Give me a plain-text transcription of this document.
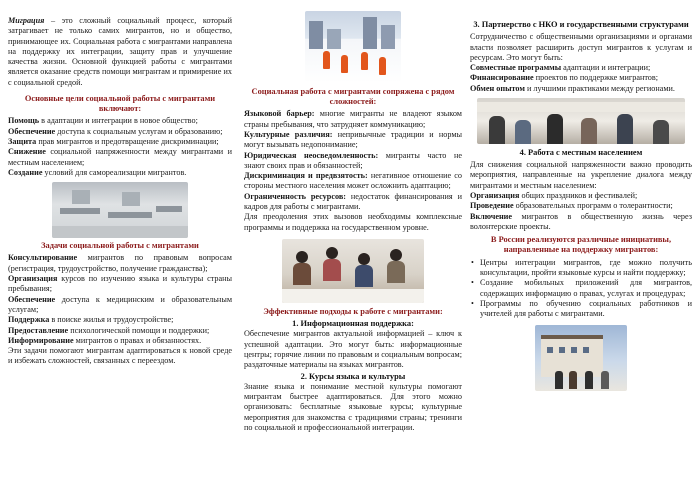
Миграция – это сложный социальный процесс, который затрагивает не только самих мигрантов, но и общество, принимающее их. Социальная работа с мигрантами направлена на поддержку их интеграции, защиту прав и улучшение качества жизни. Основной функцией работы с мигрантами является оказание средств помощи мигрантам и примирение их с социальной средой.

Основные цели социальной работы с мигрантами включают:

Помощь в адаптации и интеграции в новое общество;

Обеспечение доступа к социальным услугам и образованию;

Защита прав мигрантов и предотвращение дискриминации;

Снижение социальной напряженности между мигрантами и местным населением;

Создание условий для самореализации мигрантов.

Задачи социальной работы с мигрантами

Консультирование мигрантов по правовым вопросам (регистрация, трудоустройство, получение гражданства);

Организация курсов по изучению языка и культуры страны пребывания;

Обеспечение доступа к медицинским и образовательным услугам;

Поддержка в поиске жилья и трудоустройстве;

Предоставление психологической помощи и поддержки;

Информирование мигрантов о правах и обязанностях.

Эти задачи помогают мигрантам адаптироваться к новой среде и избежать сложностей, связанных с переездом.

Социальная работа с мигрантами сопряжена с рядом сложностей:

Языковой барьер: многие мигранты не владеют языком страны пребывания, что затрудняет коммуникацию;

Культурные различия: непривычные традиции и нормы могут вызывать недопонимание;

Юридическая неосведомленность: мигранты часто не знают своих прав и обязанностей;

Дискриминация и предвзятость: негативное отношение со стороны местного населения может осложнить адаптацию;

Ограниченность ресурсов: недостаток финансирования и кадров для работы с мигрантами.

Для преодоления этих вызовов необходимы комплексные программы и поддержка на государственном уровне.

Эффективные подходы к работе с мигрантами:
1. Информационная поддержка:

Обеспечение мигрантов актуальной информацией – ключ к успешной адаптации. Это могут быть: информационные центры; горячие линии по правовым и социальным вопросам; раздаточные материалы на языках мигрантов.

2. Курсы языка и культуры

Знание языка и понимание местной культуры помогают мигрантам быстрее адаптироваться. Для этого можно организовать: бесплатные языковые курсы; культурные мероприятия для знакомства с традициями страны; тренинги по социальной и профессиональной интеграции.

3. Партнерство с НКО и государственными структурами

Сотрудничество с общественными организациями и органами власти позволяет расширить доступ мигрантов к услугам и ресурсам. Это могут быть:

Совместные программы адаптации и интеграции;

Финансирование проектов по поддержке мигрантов;

Обмен опытом и лучшими практиками между регионами.

4. Работа с местным населением

Для снижения социальной напряженности важно проводить мероприятия, направленные на укрепление диалога между мигрантами и местным населением:

Организация общих праздников и фестивалей;

Проведение образовательных программ о толерантности;

Включение мигрантов в общественную жизнь через волонтерские проекты.

В России реализуются различные инициативы, направленные на поддержку мигрантов:
• Центры интеграции мигрантов, где можно получить консультации, пройти языковые курсы и найти поддержку;
• Создание мобильных приложений для мигрантов, содержащих информацию о правах, услугах и процедурах;
• Программы по обучению социальных работников и учителей для работы с мигрантами.
